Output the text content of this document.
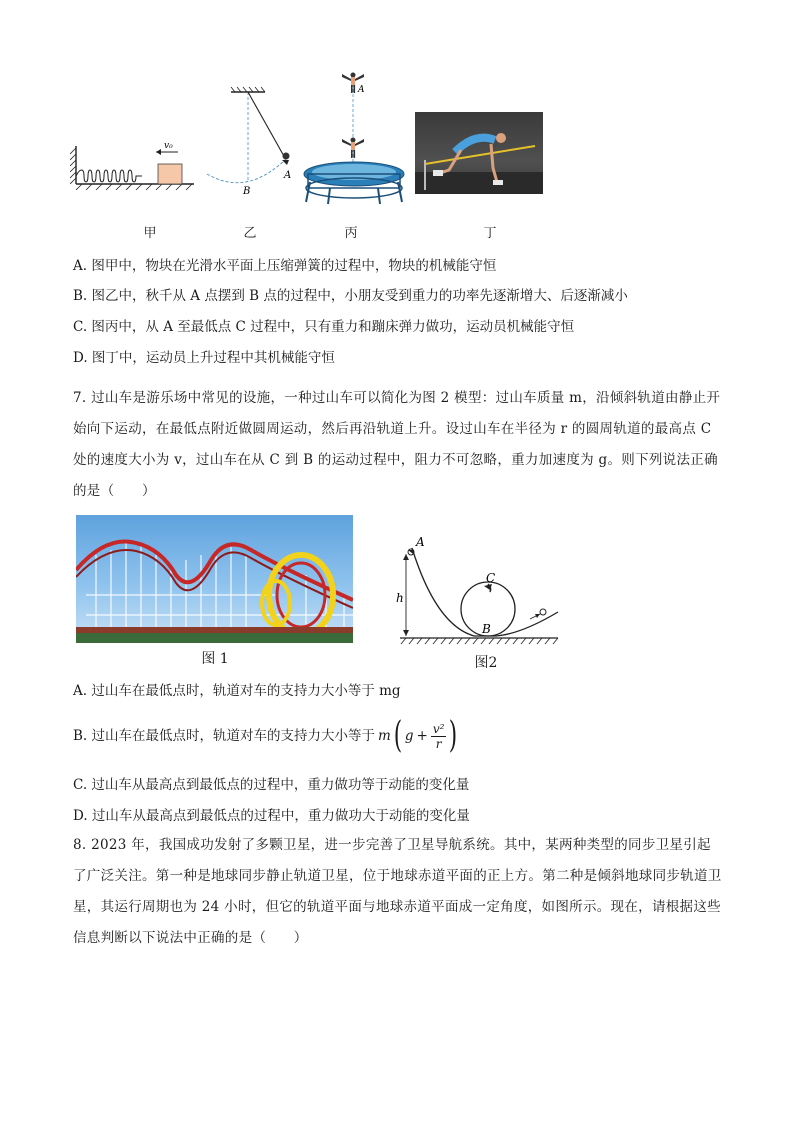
v₀
A
B
A
甲	乙	丙	丁
A. 图甲中，物块在光滑水平面上压缩弹簧的过程中，物块的机械能守恒
B. 图乙中，秋千从 A 点摆到 B 点的过程中，小朋友受到重力的功率先逐渐增大、后逐渐减小
C. 图丙中，从 A 至最低点 C 过程中，只有重力和蹦床弹力做功，运动员机械能守恒
D. 图丁中，运动员上升过程中其机械能守恒
7. 过山车是游乐场中常见的设施，一种过山车可以简化为图 2 模型：过山车质量 m，沿倾斜轨道由静止开始向下运动，在最低点附近做圆周运动，然后再沿轨道上升。设过山车在半径为 r 的圆周轨道的最高点 C 处的速度大小为 v，过山车在从 C 到 B 的运动过程中，阻力不可忽略，重力加速度为 g。则下列说法正确的是（　　）
图 1
A
C
h
B
图2
A. 过山车在最低点时，轨道对车的支持力大小等于 mg
B. 过山车在最低点时，轨道对车的支持力大小等于 m ( $g + \frac{\text{v²}}{r}$ )
C. 过山车从最高点到最低点的过程中，重力做功等于动能的变化量
D. 过山车从最高点到最低点的过程中，重力做功大于动能的变化量
8. 2023 年，我国成功发射了多颗卫星，进一步完善了卫星导航系统。其中，某两种类型的同步卫星引起了广泛关注。第一种是地球同步静止轨道卫星，位于地球赤道平面的正上方。第二种是倾斜地球同步轨道卫星，其运行周期也为 24 小时，但它的轨道平面与地球赤道平面成一定角度，如图所示。现在，请根据这些信息判断以下说法中正确的是（　　）
